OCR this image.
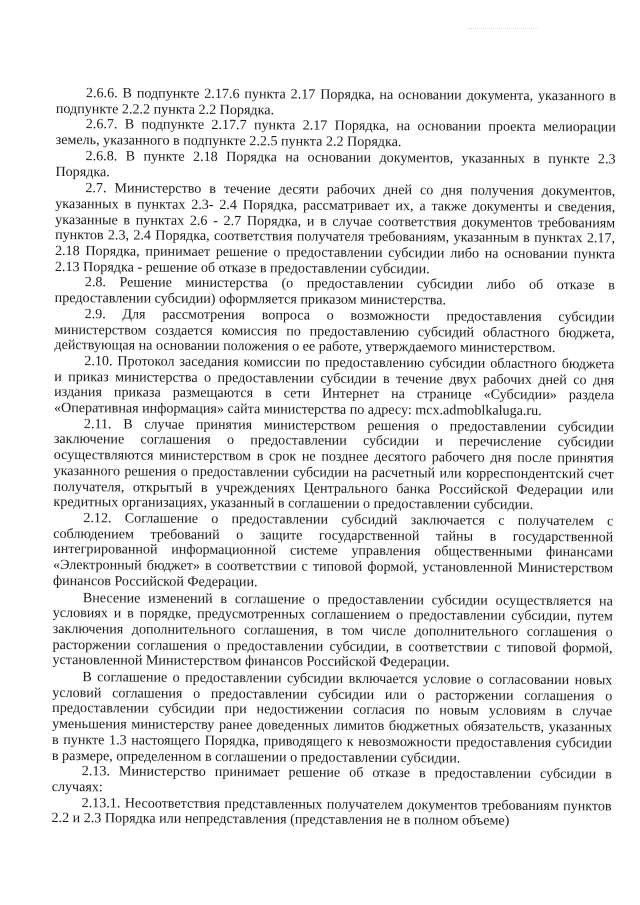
2.6.6. В подпункте 2.17.6 пункта 2.17 Порядка, на основании документа, указанного в подпункте 2.2.2 пункта 2.2 Порядка.

2.6.7. В подпункте 2.17.7 пункта 2.17 Порядка, на основании проекта мелиорации земель, указанного в подпункте 2.2.5 пункта 2.2 Порядка.

2.6.8. В пункте 2.18 Порядка на основании документов, указанных в пункте 2.3 Порядка.

2.7. Министерство в течение десяти рабочих дней со дня получения документов, указанных в пунктах 2.3- 2.4 Порядка, рассматривает их, а также документы и сведения, указанные в пунктах 2.6 - 2.7 Порядка, и в случае соответствия документов требованиям пунктов 2.3, 2.4 Порядка, соответствия получателя требованиям, указанным в пунктах 2.17, 2.18 Порядка, принимает решение о предоставлении субсидии либо на основании пункта 2.13 Порядка - решение об отказе в предоставлении субсидии.

2.8. Решение министерства (о предоставлении субсидии либо об отказе в предоставлении субсидии) оформляется приказом министерства.

2.9. Для рассмотрения вопроса о возможности предоставления субсидии министерством создается комиссия по предоставлению субсидий областного бюджета, действующая на основании положения о ее работе, утверждаемого министерством.

2.10. Протокол заседания комиссии по предоставлению субсидии областного бюджета и приказ министерства о предоставлении субсидии в течение двух рабочих дней со дня издания приказа размещаются в сети Интернет на странице «Субсидии» раздела «Оперативная информация» сайта министерства по адресу: mcx.admoblkaluga.ru.

2.11. В случае принятия министерством решения о предоставлении субсидии заключение соглашения о предоставлении субсидии и перечисление субсидии осуществляются министерством в срок не позднее десятого рабочего дня после принятия указанного решения о предоставлении субсидии на расчетный или корреспондентский счет получателя, открытый в учреждениях Центрального банка Российской Федерации или кредитных организациях, указанный в соглашении о предоставлении субсидии.

2.12. Соглашение о предоставлении субсидий заключается с получателем с соблюдением требований о защите государственной тайны в государственной интегрированной информационной системе управления общественными финансами «Электронный бюджет» в соответствии с типовой формой, установленной Министерством финансов Российской Федерации.

Внесение изменений в соглашение о предоставлении субсидии осуществляется на условиях и в порядке, предусмотренных соглашением о предоставлении субсидии, путем заключения дополнительного соглашения, в том числе дополнительного соглашения о расторжении соглашения о предоставлении субсидии, в соответствии с типовой формой, установленной Министерством финансов Российской Федерации.

В соглашение о предоставлении субсидии включается условие о согласовании новых условий соглашения о предоставлении субсидии или о расторжении соглашения о предоставлении субсидии при недостижении согласия по новым условиям в случае уменьшения министерству ранее доведенных лимитов бюджетных обязательств, указанных в пункте 1.3 настоящего Порядка, приводящего к невозможности предоставления субсидии в размере, определенном в соглашении о предоставлении субсидии.

2.13. Министерство принимает решение об отказе в предоставлении субсидии в случаях:

2.13.1. Несоответствия представленных получателем документов требованиям пунктов 2.2 и 2.3 Порядка или непредставления (представления не в полном объеме)
